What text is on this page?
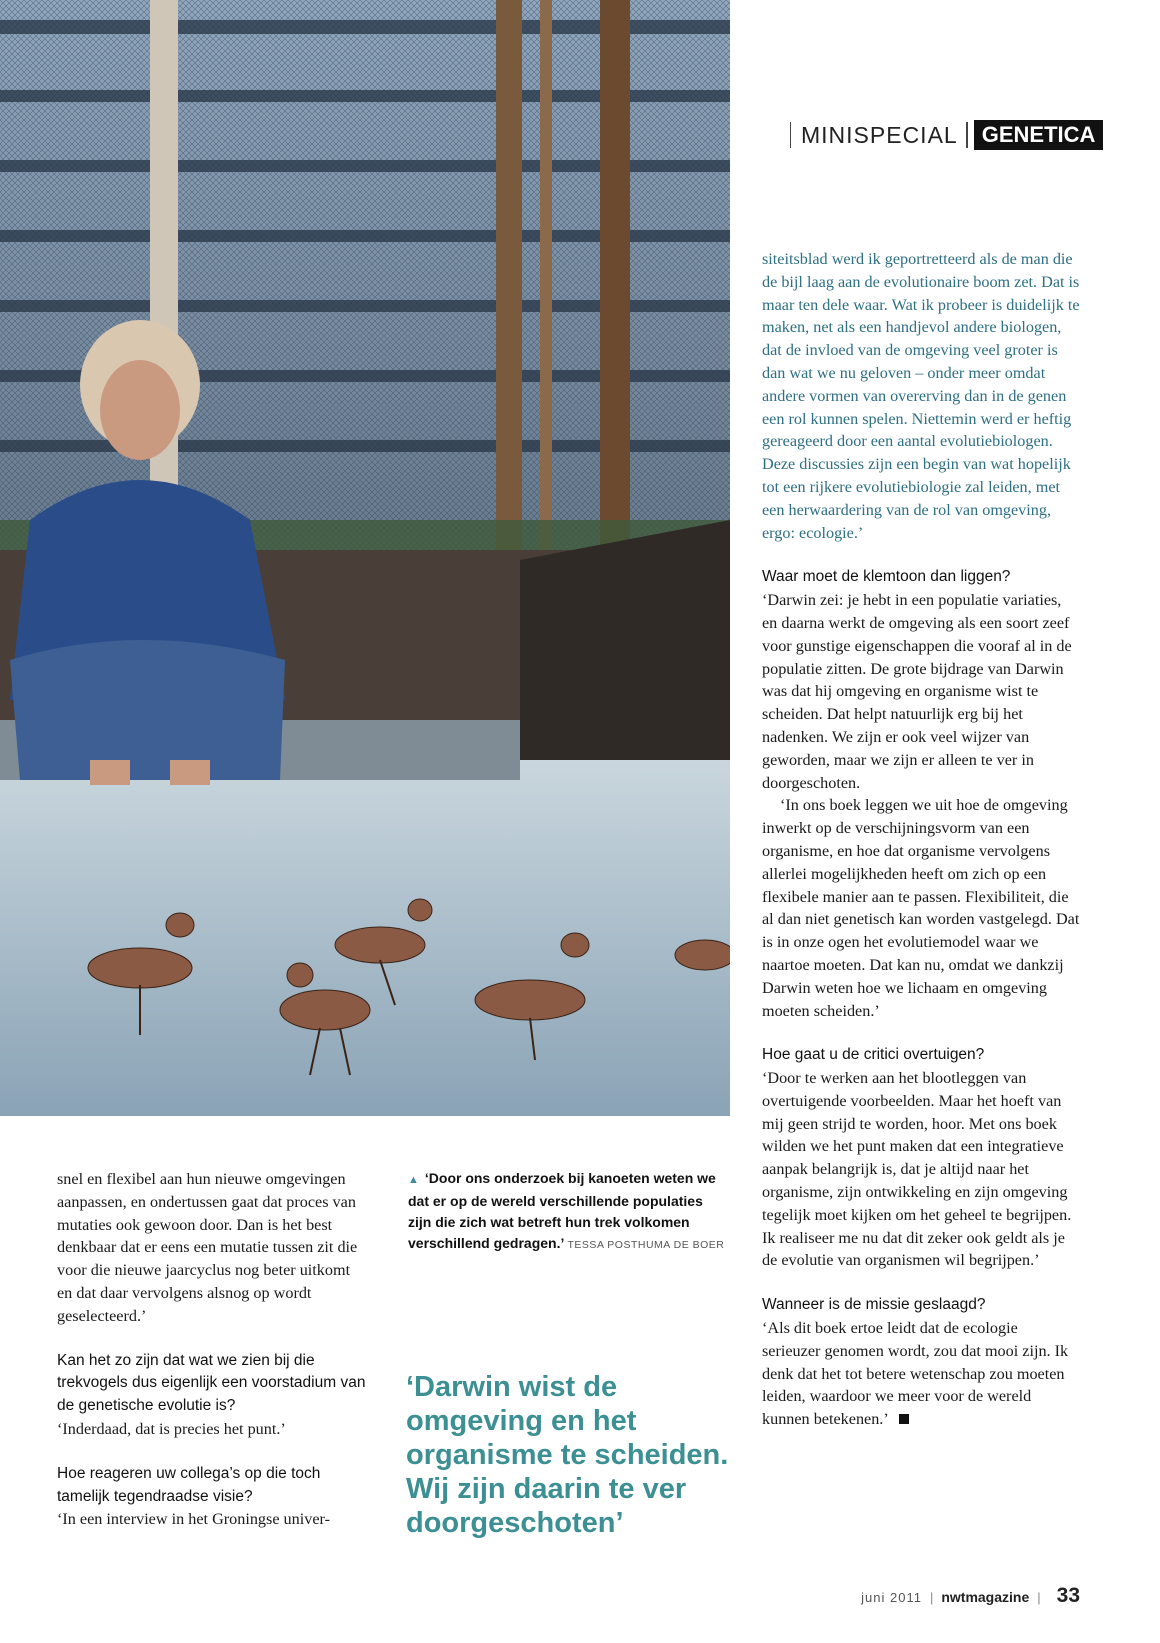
MINISPECIAL	GENETICA

snel en flexibel aan hun nieuwe omgevingen aanpassen, en ondertussen gaat dat proces van mutaties ook gewoon door. Dan is het best denkbaar dat er eens een mutatie tussen zit die voor die nieuwe jaarcyclus nog beter uitkomt en dat daar vervolgens alsnog op wordt geselecteerd.’

Kan het zo zijn dat wat we zien bij die trekvogels dus eigenlijk een voorstadium van de genetische evolutie is?

‘Inderdaad, dat is precies het punt.’

Hoe reageren uw collega’s op die toch tamelijk tegendraadse visie?

‘In een interview in het Groningse univer-

▲ ‘Door ons onderzoek bij kanoeten weten we dat er op de wereld verschillende populaties zijn die zich wat betreft hun trek volkomen verschillend gedragen.’ TESSA POSTHUMA DE BOER
‘Darwin wist de omgeving en het organisme te scheiden. Wij zijn daarin te ver doorgeschoten’

siteitsblad werd ik geportretteerd als de man die de bijl laag aan de evolutionaire boom zet. Dat is maar ten dele waar. Wat ik probeer is duidelijk te maken, net als een handjevol andere biologen, dat de invloed van de omgeving veel groter is dan wat we nu geloven – onder meer omdat andere vormen van overerving dan in de genen een rol kunnen spelen. Niettemin werd er heftig gereageerd door een aantal evolutiebiologen. Deze discussies zijn een begin van wat hopelijk tot een rijkere evolutiebiologie zal leiden, met een herwaardering van de rol van omgeving, ergo: ecologie.’

Waar moet de klemtoon dan liggen?

‘Darwin zei: je hebt in een populatie variaties, en daarna werkt de omgeving als een soort zeef voor gunstige eigenschappen die vooraf al in de populatie zitten. De grote bijdrage van Darwin was dat hij omgeving en organisme wist te scheiden. Dat helpt natuurlijk erg bij het nadenken. We zijn er ook veel wijzer van geworden, maar we zijn er alleen te ver in doorgeschoten.

‘In ons boek leggen we uit hoe de omgeving inwerkt op de verschijningsvorm van een organisme, en hoe dat organisme vervolgens allerlei mogelijkheden heeft om zich op een flexibele manier aan te passen. Flexibiliteit, die al dan niet genetisch kan worden vastgelegd. Dat is in onze ogen het evolutiemodel waar we naartoe moeten. Dat kan nu, omdat we dankzij Darwin weten hoe we lichaam en omgeving moeten scheiden.’

Hoe gaat u de critici overtuigen?

‘Door te werken aan het blootleggen van overtuigende voorbeelden. Maar het hoeft van mij geen strijd te worden, hoor. Met ons boek wilden we het punt maken dat een integratieve aanpak belangrijk is, dat je altijd naar het organisme, zijn ontwikkeling en zijn omgeving tegelijk moet kijken om het geheel te begrijpen. Ik realiseer me nu dat dit zeker ook geldt als je de evolutie van organismen wil begrijpen.’

Wanneer is de missie geslaagd?

‘Als dit boek ertoe leidt dat de ecologie serieuzer genomen wordt, zou dat mooi zijn. Ik denk dat het tot betere wetenschap zou moeten leiden, waardoor we meer voor de wereld kunnen betekenen.’

juni 2011 | nwtmagazine | 33
